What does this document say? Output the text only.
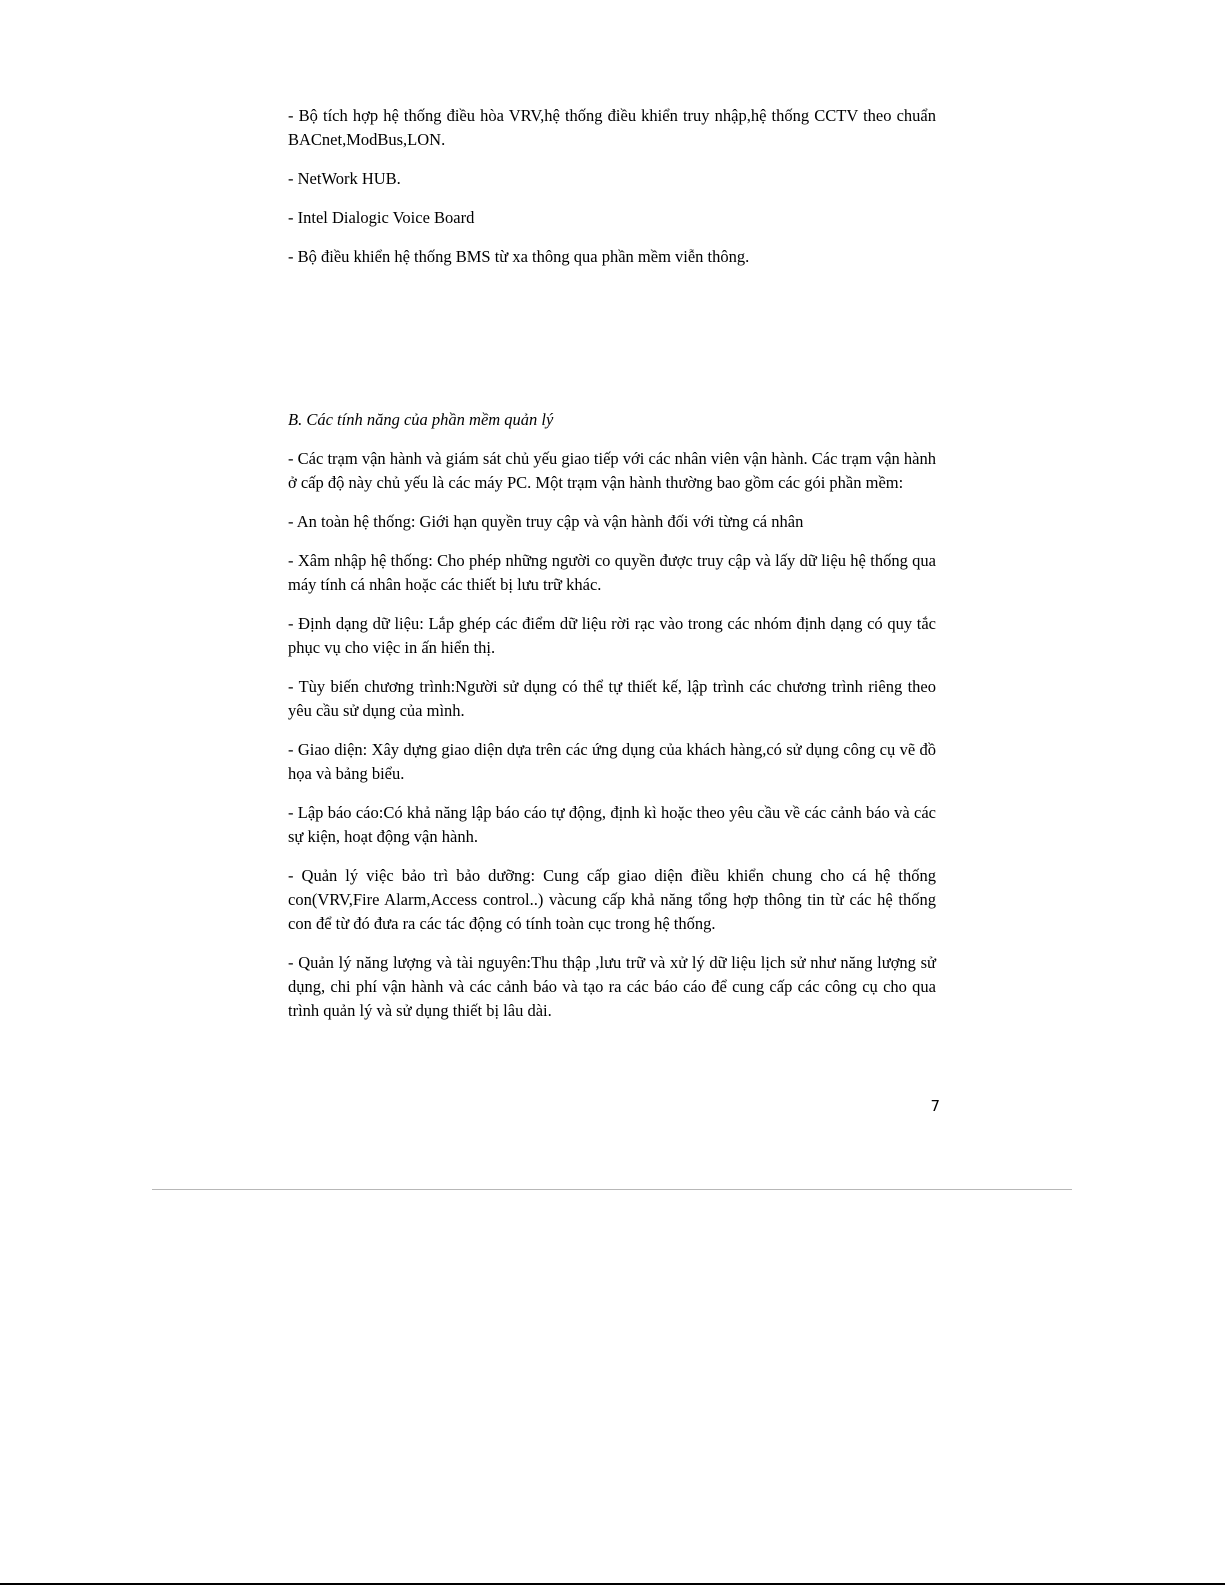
- Bộ tích hợp hệ thống điều hòa VRV,hệ thống điều khiển truy nhập,hệ thống CCTV theo chuẩn BACnet,ModBus,LON.

- NetWork HUB.

- Intel Dialogic Voice Board

- Bộ điều khiển hệ thống BMS từ xa thông qua phần mềm viễn thông.

B. Các tính năng của phần mềm quản lý

- Các trạm vận hành và giám sát chủ yếu giao tiếp với các nhân viên vận hành. Các trạm vận hành ở cấp độ này chủ yếu là các máy PC. Một trạm vận hành thường bao gồm các gói phần mềm:

- An toàn hệ thống: Giới hạn quyền truy cập và vận hành đối với từng cá nhân

- Xâm nhập hệ thống: Cho phép những người co quyền được truy cập và lấy dữ liệu hệ thống qua máy tính cá nhân hoặc các thiết bị lưu trữ khác.

- Định dạng dữ liệu: Lắp ghép các điểm dữ liệu rời rạc vào trong các nhóm định dạng có quy tắc phục vụ cho việc in ấn hiển thị.

- Tùy biến chương trình:Người sử dụng có thể tự thiết kế, lập trình các chương trình riêng theo yêu cầu sử dụng của mình.

- Giao diện: Xây dựng giao diện dựa trên các ứng dụng của khách hàng,có sử dụng công cụ vẽ đồ họa và bảng biểu.

- Lập báo cáo:Có khả năng lập báo cáo tự động, định kì hoặc theo yêu cầu về các cảnh báo và các sự kiện, hoạt động vận hành.

- Quản lý việc bảo trì bảo dưỡng: Cung cấp giao diện điều khiển chung cho cá hệ thống con(VRV,Fire Alarm,Access control..) vàcung cấp khả năng tổng hợp thông tin từ các hệ thống con để từ đó đưa ra các tác động có tính toàn cục trong hệ thống.

- Quản lý năng lượng và tài nguyên:Thu thập ,lưu trữ và xử lý dữ liệu lịch sử như năng lượng sử dụng, chi phí vận hành và các cảnh báo và tạo ra các báo cáo để cung cấp các công cụ cho qua trình quản lý và sử dụng thiết bị lâu dài.

7
